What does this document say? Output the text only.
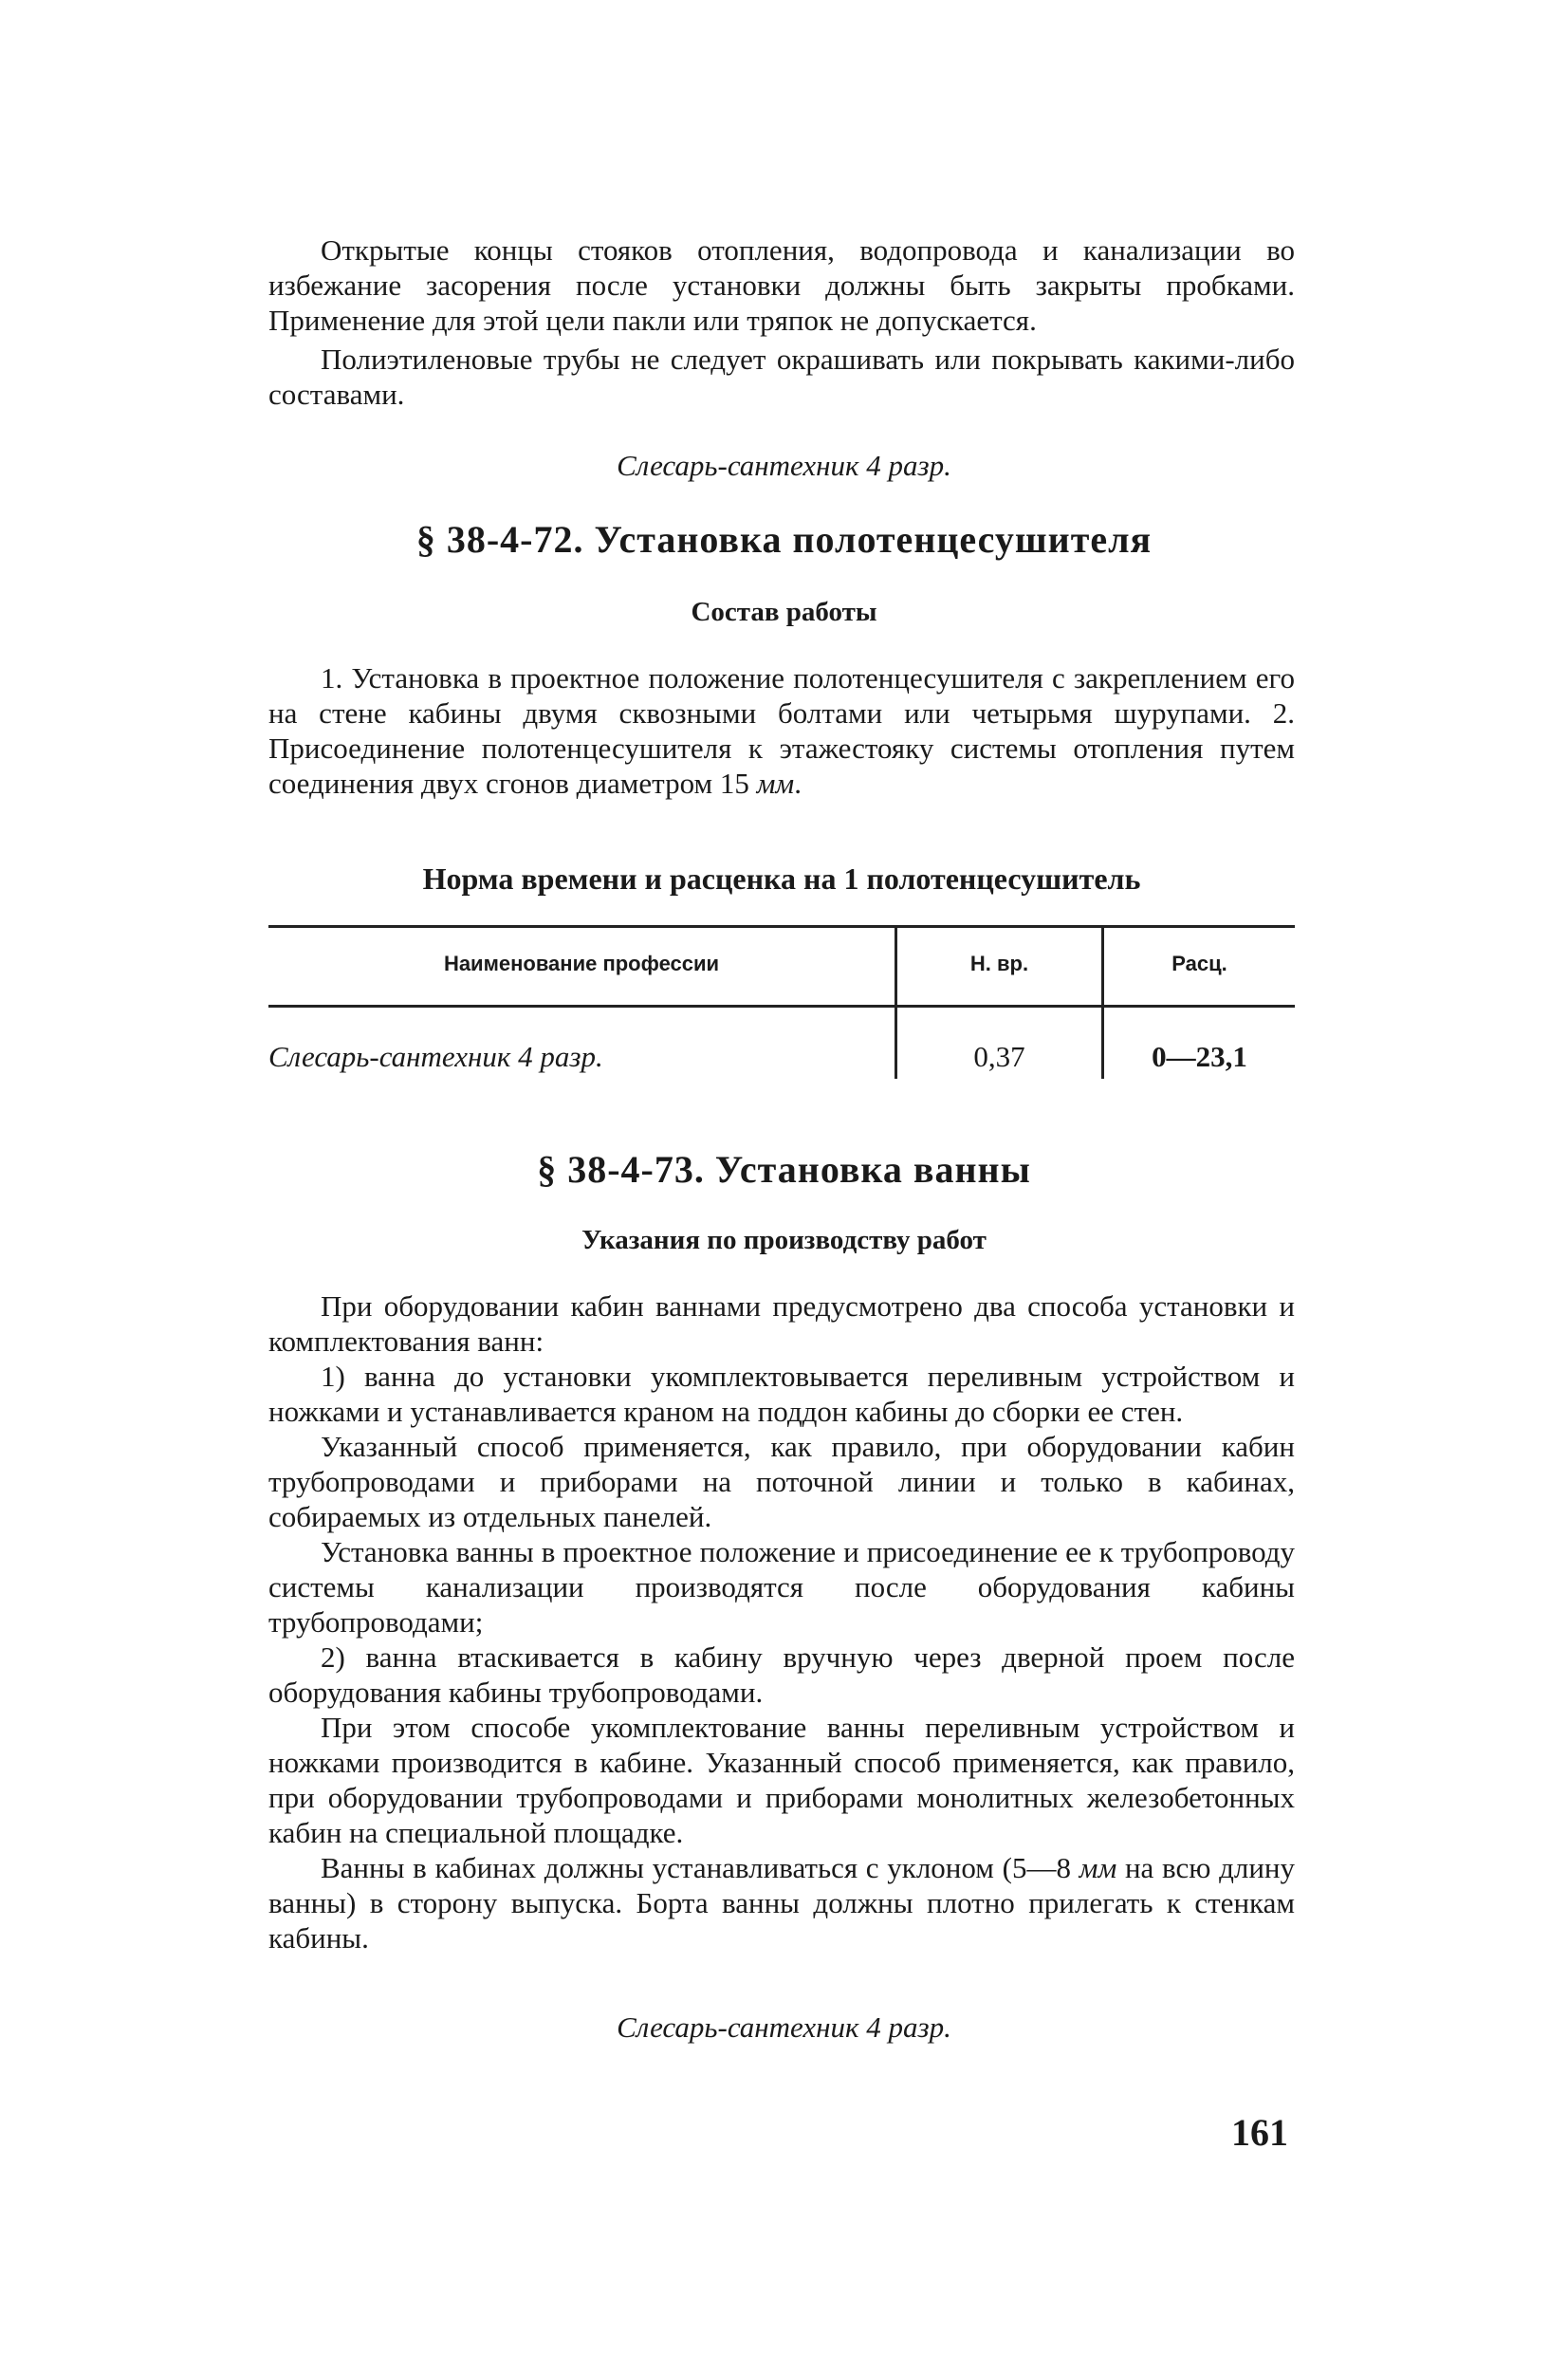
Открытые концы стояков отопления, водопровода и канализации во избежание засорения после установки должны быть закрыты пробками. Применение для этой цели пакли или тряпок не допускается.

Полиэтиленовые трубы не следует окрашивать или покрывать какими-либо составами.

Слесарь-сантехник 4 разр.
§ 38-4-72. Установка полотенцесушителя
Состав работы

1. Установка в проектное положение полотенцесушителя с закреплением его на стене кабины двумя сквозными болтами или четырьмя шурупами. 2. Присоединение полотенцесушителя к этажестояку системы отопления путем соединения двух сгонов диаметром 15 мм.

Норма времени и расценка на 1 полотенцесушитель
Наименование профессии	Н. вр.	Расц.
Слесарь-сантехник 4 разр.	0,37	0—23,1
§ 38-4-73. Установка ванны
Указания по производству работ

При оборудовании кабин ваннами предусмотрено два способа установки и комплектования ванн:

1) ванна до установки укомплектовывается переливным устройством и ножками и устанавливается краном на поддон кабины до сборки ее стен.

Указанный способ применяется, как правило, при оборудовании кабин трубопроводами и приборами на поточной линии и только в кабинах, собираемых из отдельных панелей.

Установка ванны в проектное положение и присоединение ее к трубопроводу системы канализации производятся после оборудования кабины трубопроводами;

2) ванна втаскивается в кабину вручную через дверной проем после оборудования кабины трубопроводами.

При этом способе укомплектование ванны переливным устройством и ножками производится в кабине. Указанный способ применяется, как правило, при оборудовании трубопроводами и приборами монолитных железобетонных кабин на специальной площадке.

Ванны в кабинах должны устанавливаться с уклоном (5—8 мм на всю длину ванны) в сторону выпуска. Борта ванны должны плотно прилегать к стенкам кабины.

Слесарь-сантехник 4 разр.
161
